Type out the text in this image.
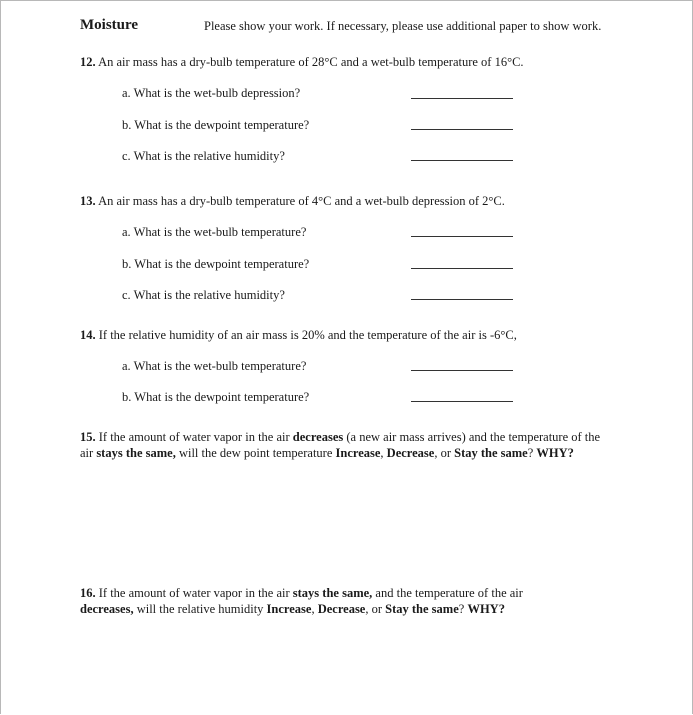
Moisture	Please show your work. If necessary, please use additional paper to show work.
12. An air mass has a dry-bulb temperature of 28°C and a wet-bulb temperature of 16°C.
a. What is the wet-bulb depression?
b. What is the dewpoint temperature?
c. What is the relative humidity?
13. An air mass has a dry-bulb temperature of 4°C and a wet-bulb depression of 2°C.
a. What is the wet-bulb temperature?
b. What is the dewpoint temperature?
c. What is the relative humidity?
14. If the relative humidity of an air mass is 20% and the temperature of the air is -6°C,
a. What is the wet-bulb temperature?
b. What is the dewpoint temperature?
15. If the amount of water vapor in the air decreases (a new air mass arrives) and the temperature of the air stays the same, will the dew point temperature Increase, Decrease, or Stay the same? WHY?
16. If the amount of water vapor in the air stays the same, and the temperature of the air decreases, will the relative humidity Increase, Decrease, or Stay the same? WHY?
